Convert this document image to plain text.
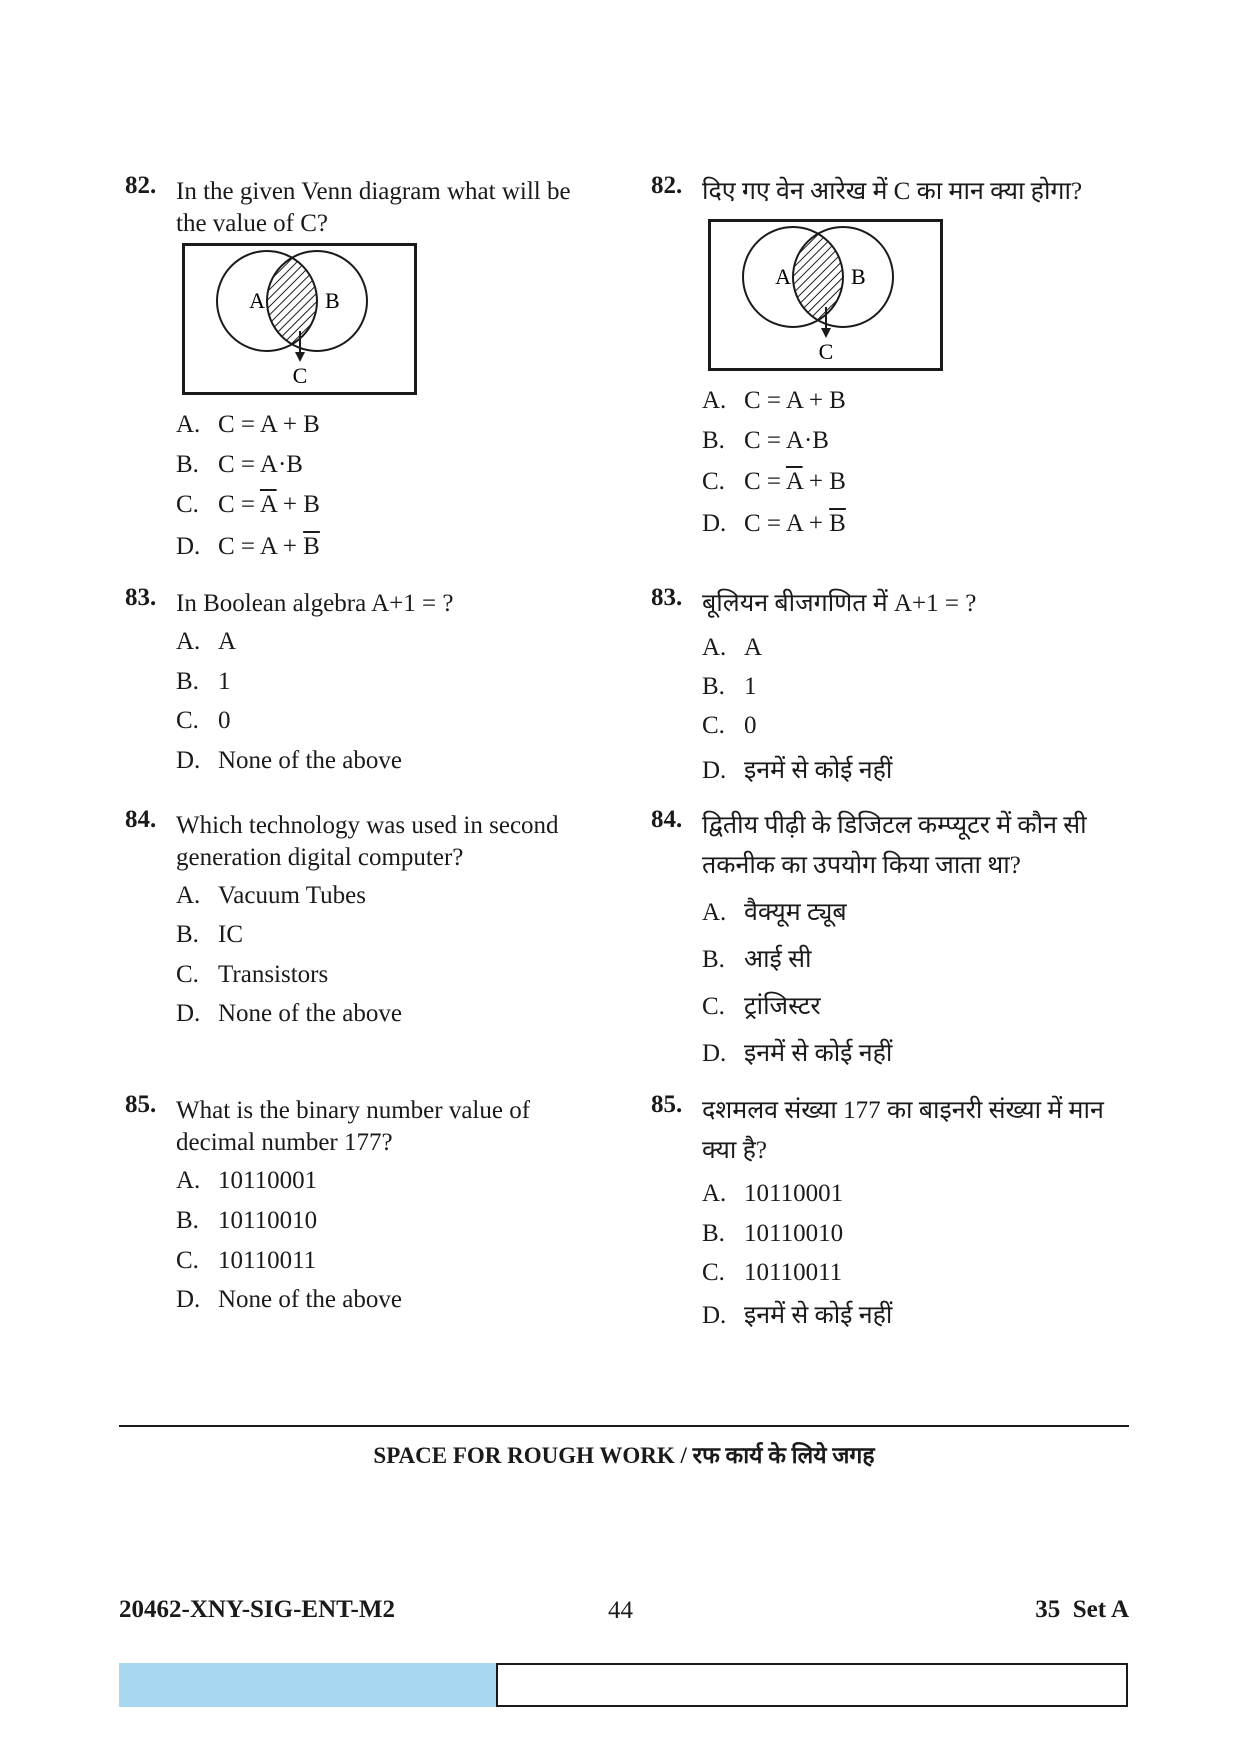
82. In the given Venn diagram what will be the value of C?
A	B
C
A. C = A + B
B. C = A·B
C. $C = \overline{A} + B$
D. $C = A + \overline{B}$
83. In Boolean algebra A+1 = ?
A. A
B. 1
C. 0
D. None of the above
84. Which technology was used in second generation digital computer?
A. Vacuum Tubes
B. IC
C. Transistors
D. None of the above
85. What is the binary number value of decimal number 177?
A. 10110001
B. 10110010
C. 10110011
D. None of the above
82. दिए गए वेन आरेख में C का मान क्या होगा?
A	B
C
A. C = A + B
B. C = A·B
C. $C = \overline{A} + B$
D. $C = A + \overline{B}$
83. बूलियन बीजगणित में A+1 = ?
A. A
B. 1
C. 0
D. इनमें से कोई नहीं
84. द्वितीय पीढ़ी के डिजिटल कम्प्यूटर में कौन सी तकनीक का उपयोग किया जाता था?
A. वैक्यूम ट्यूब
B. आई सी
C. ट्रांजिस्टर
D. इनमें से कोई नहीं
85. दशमलव संख्या 177 का बाइनरी संख्या में मान क्या है?
A. 10110001
B. 10110010
C. 10110011
D. इनमें से कोई नहीं
SPACE FOR ROUGH WORK / रफ कार्य के लिये जगह
20462-XNY-SIG-ENT-M2	44	35  Set A
